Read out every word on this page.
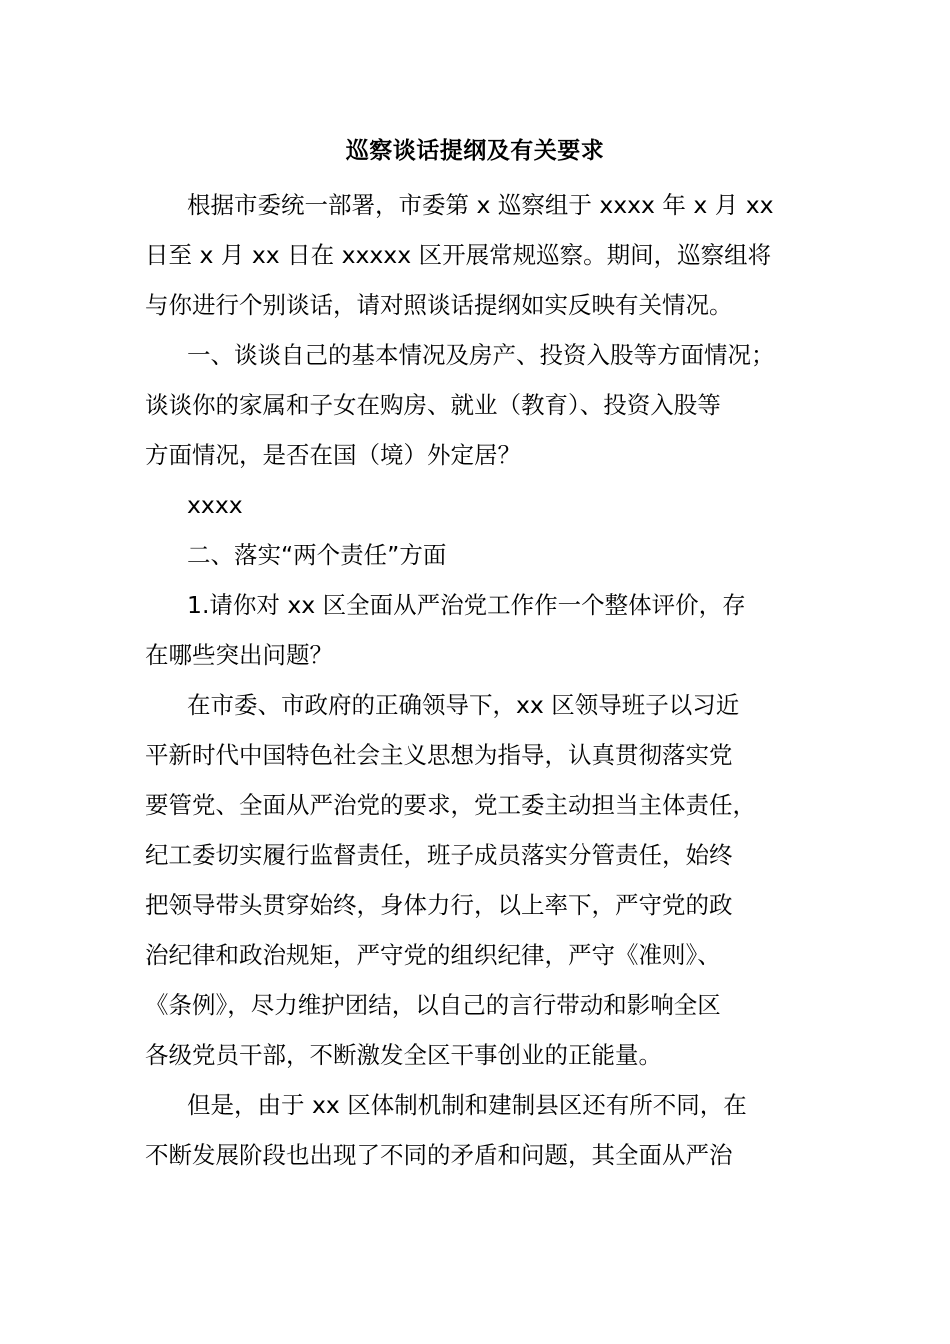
巡察谈话提纲及有关要求
根据市委统一部署，市委第 x 巡察组于 xxxx 年 x 月 xx
日至 x 月 xx 日在 xxxxx 区开展常规巡察。期间，巡察组将
与你进行个别谈话，请对照谈话提纲如实反映有关情况。
一、谈谈自己的基本情况及房产、投资入股等方面情况；
谈谈你的家属和子女在购房、就业（教育）、投资入股等
方面情况，是否在国（境）外定居？
xxxx
二、落实“两个责任”方面
1.请你对 xx 区全面从严治党工作作一个整体评价，存
在哪些突出问题？
在市委、市政府的正确领导下，xx 区领导班子以习近
平新时代中国特色社会主义思想为指导，认真贯彻落实党
要管党、全面从严治党的要求，党工委主动担当主体责任，
纪工委切实履行监督责任，班子成员落实分管责任，始终
把领导带头贯穿始终，身体力行，以上率下，严守党的政
治纪律和政治规矩，严守党的组织纪律，严守《准则》、
《条例》，尽力维护团结，以自己的言行带动和影响全区
各级党员干部，不断激发全区干事创业的正能量。
但是，由于 xx 区体制机制和建制县区还有所不同，在
不断发展阶段也出现了不同的矛盾和问题，其全面从严治
